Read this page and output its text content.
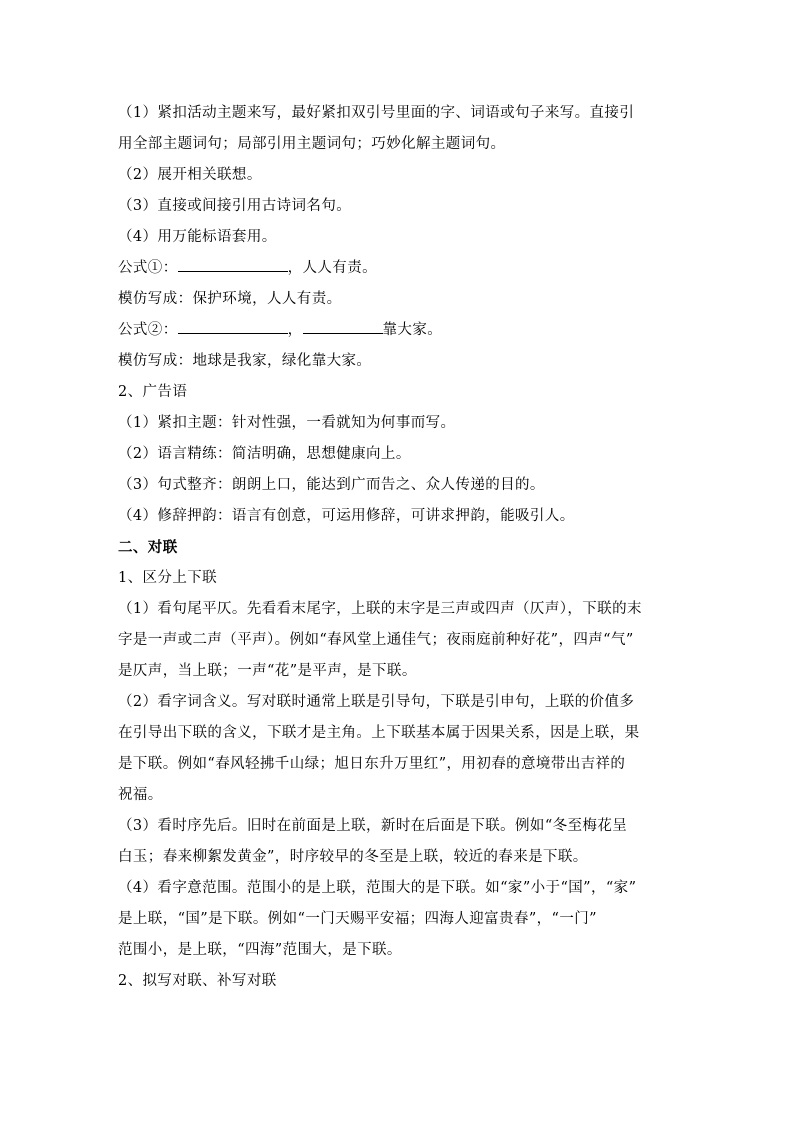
（1）紧扣活动主题来写，最好紧扣双引号里面的字、词语或句子来写。直接引
用全部主题词句；局部引用主题词句；巧妙化解主题词句。
（2）展开相关联想。
（3）直接或间接引用古诗词名句。
（4）用万能标语套用。
公式①：	，人人有责。
模仿写成：保护环境，人人有责。
公式②：	，	靠大家。
模仿写成：地球是我家，绿化靠大家。
2、广告语
（1）紧扣主题：针对性强，一看就知为何事而写。
（2）语言精练：简洁明确，思想健康向上。
（3）句式整齐：朗朗上口，能达到广而告之、众人传递的目的。
（4）修辞押韵：语言有创意，可运用修辞，可讲求押韵，能吸引人。
二、对联
1、区分上下联
（1）看句尾平仄。先看看末尾字，上联的末字是三声或四声（仄声），下联的末
字是一声或二声（平声）。例如“春风堂上通佳气；夜雨庭前种好花”，四声“气”
是仄声，当上联；一声“花”是平声，是下联。
（2）看字词含义。写对联时通常上联是引导句，下联是引申句，上联的价值多
在引导出下联的含义，下联才是主角。上下联基本属于因果关系，因是上联，果
是下联。例如“春风轻拂千山绿；旭日东升万里红”，用初春的意境带出吉祥的
祝福。
（3）看时序先后。旧时在前面是上联，新时在后面是下联。例如“冬至梅花呈
白玉；春来柳絮发黄金”，时序较早的冬至是上联，较近的春来是下联。
（4）看字意范围。范围小的是上联，范围大的是下联。如“家”小于“国”，“家”
是上联，“国”是下联。例如“一门天赐平安福；四海人迎富贵春”，“一门”
范围小，是上联，“四海”范围大，是下联。
2、拟写对联、补写对联
